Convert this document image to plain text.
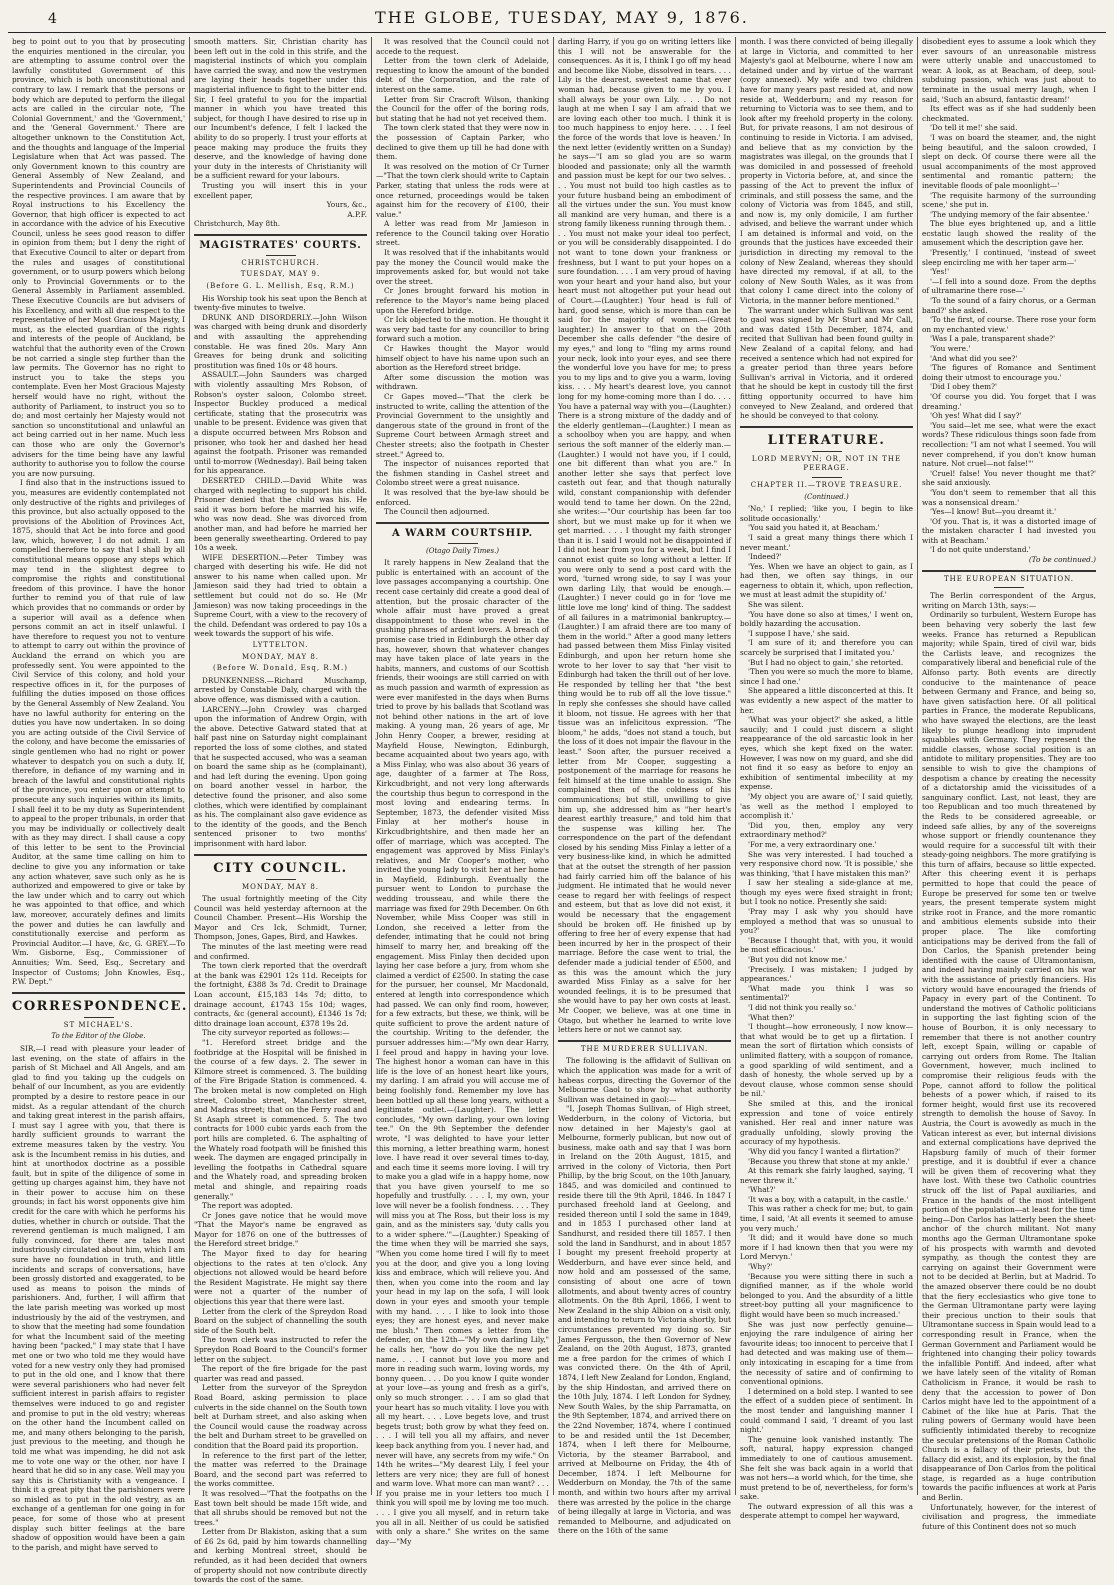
4	THE GLOBE, TUESDAY, MAY 9, 1876.

beg to point out to you that by prosecuting the enquiries mentioned in the circular, you are attempting to assume control over the lawfully constituted Government of this province, which is both unconstitutional and contrary to law. I remark that the persons or body which are deputed to perform the illegal acts are called in the circular note, 'The Colonial Government,' and the 'Government,' and the 'General Government.' There are altogether unknown to the Constitution Act, and the thoughts and language of the Imperial Legislature when that Act was passed. The only Government known to this country are General Assembly of New Zealand, and Superintendents and Provincial Councils of the respective provinces. I am aware that by Royal instructions to his Excellency the Governor, that high officer is expected to act in accordance with the advice of his Executive Council, unless he sees good reason to differ in opinion from them; but I deny the right of that Executive Council to alter or depart from the rules and usages of constitutional government, or to usurp powers which belong only to Provincial Governments or to the General Assembly in Parliament assembled. These Executive Councils are but advisers of his Excellency, and with all due respect to the representative of her Most Gracious Majesty, I must, as the elected guardian of the rights and interests of the people of Auckland, be watchful that the authority even of the Crown be not carried a single step further than the law permits. The Governor has no right to instruct you to take the steps you contemplate. Even her Most Gracious Majesty herself would have no right, without the authority of Parliament, to instruct you so to do; and most certainly her Majesty would not sanction so unconstitutional and unlawful an act being carried out in her name. Much less can those who are only the Governor's advisers for the time being have any lawful authority to authorise you to follow the course you are now pursuing.

I find also that in the instructions issued to you, measures are evidently contemplated not only destructive of the rights and privileges of this province, but also actually opposed to the provisions of the Abolition of Provinces Act, 1875, should that Act be into force and good law, which, however, I do not admit. I am compelled therefore to say that I shall by all constitutional means oppose any steps which may tend in the slightest degree to compromise the rights and constitutional freedom of this province. I have the honor further to remind you of that rule of law which provides that no commands or order by a superior will avail as a defence when persons commit an act in itself unlawful. I have therefore to request you not to venture to attempt to carry out within the province of Auckland the errand on which you are professedly sent. You were appointed to the Civil Service of this colony, and hold your respective offices in it, for the purposes of fulfilling the duties imposed on those offices by the General Assembly of New Zealand. You have no lawful authority for entering on the duties you have now undertaken. In so doing you are acting outside of the Civil Service of the colony, and have become the emissaries of single gentlemen who had no right or power whatever to despatch you on such a duty. If, therefore, in defiance of my warning and in breach of the lawful and constitutional rights of the province, you enter upon or attempt to prosecute any such inquiries within its limits, I shall feel it to be my duty as Superintendent to appeal to the proper tribunals, in order that you may be individually or collectively dealt with as they may direct. I shall cause a copy of this letter to be sent to the Provincial Auditor, at the same time calling on him to decline to give you any information or take any action whatever, save such only as he is authorized and empowered to give or take by the law under which and to carry out which he was appointed to that office, and which law, moreover, accurately defines and limits the power and duties he can lawfully and constitutionally exercise and perform as Provincial Auditor.—I have, &c, G. GREY.—To Wm. Gisborne, Esq., Commissioner of Annuities; Wm. Seed, Esq., Secretary and Inspector of Customs; John Knowles, Esq., P.W. Dept."

CORRESPONDENCE.
ST MICHAEL'S.
To the Editor of the Globe.

SIR,—I read with pleasure your leader of last evening, on the state of affairs in the parish of St Michael and All Angels, and am glad to find you taking up the cudgels on behalf of our Incumbent, as you are evidently prompted by a desire to restore peace in our midst. As a regular attendant of the church and taking great interest in the parish affairs, I must say I agree with you, that there is hardly sufficient grounds to warrant the extreme measures taken by the vestry. You ask is the Incumbent remiss in his duties, and hint at unorthodox doctrine as a possible fault, but in spite of the diligence of some in getting up charges against him, they have not in their power to accuse him on these grounds; in fact his worst opponents give him credit for the care with which he performs his duties, whether in church or outside. That the reverend gentleman is much maligned, I am fully convinced, for there are tales most industriously circulated about him, which I am sure have no foundation in truth, and little incidents and scraps of conversations, have been grossly distorted and exaggerated, to be used as means to poison the minds of parishioners. And, further, I will affirm that the late parish meeting was worked up most industriously by the aid of the vestrymen, and to show that the meeting had some foundation for what the Incumbent said of the meeting having been "packed," I may state that I have met one or two who told me they would have voted for a new vestry only they had promised to put in the old one, and I know that there were several parishioners who had never felt sufficient interest in parish affairs to register themselves were induced to go and register and promise to put in the old vestry; whereas on the other hand the Incumbent called on me, and many others belonging to the parish, just previous to the meeting, and though he told me what was impending, he did not ask me to vote one way or the other, nor have I heard that he did so in any case. Well may you say this is Christianity with a vengeance. I think it a great pity that the parishioners were so misled as to put in the old vestry, as an exchange of a gentleman for one going in for peace, for some of those who at present display such bitter feelings at the bare shadow of opposition would have been a gain to the parish, and might have served to

smooth matters. Sir, Christian charity has been left out in the cold in this strife, and the magisterial instincts of which you complain have carried the sway, and now the vestrymen are laying their heads together under this magisterial influence to fight to the bitter end. Sir, I feel grateful to you for the impartial manner in which you have treated this subject, for though I have desired to rise up in our Incumbent's defence, I felt I lacked the ability to do so properly. I trust your efforts at peace making may produce the fruits they deserve, and the knowledge of having done your duty in the interests of Christianity will be a sufficient reward for your labours.

Trusting you will insert this in your excellent paper,

Yours, &c.,

A.P.F.

Christchurch, May 8th.

MAGISTRATES' COURTS.
CHRISTCHURCH.
TUESDAY, MAY 9.
(Before G. L. Mellish, Esq, R.M.)

His Worship took his seat upon the Bench at twenty-five minutes to twelve.

DRUNK AND DISORDERLY.—John Wilson was charged with being drunk and disorderly and with assaulting the apprehending constable. He was fined 20s. Mary Ann Greaves for being drunk and soliciting prostitution was fined 10s or 48 hours.

ASSAULT.—John Saunders was charged with violently assaulting Mrs Robson, of Robson's oyster saloon, Colombo street. Inspector Buckley produced a medical certificate, stating that the prosecutrix was unable to be present. Evidence was given that a dispute occurred between Mrs Robson and prisoner, who took her and dashed her head against the footpath. Prisoner was remanded until to-morrow (Wednesday). Bail being taken for his appearance.

DESERTED CHILD.—David White was charged with neglecting to support his child. Prisoner denied that the child was his. He said it was born before he married his wife, who was now dead. She was divorced from another man, and had before he married her been generally sweethearting. Ordered to pay 10s a week.

WIFE DESERTION.—Peter Timbey was charged with deserting his wife. He did not answer to his name when called upon. Mr Jamieson said they had tried to obtain a settlement but could not do so. He (Mr Jamieson) was now taking proceedings in the Supreme Court, with a view to the recovery of the child. Defendant was ordered to pay 10s a week towards the support of his wife.

LYTTELTON.
MONDAY, MAY 8.
(Before W. Donald, Esq, R.M.)

DRUNKENNESS.—Richard Muschamp, arrested by Constable Daly, charged with the above offence, was dismissed with a caution.

LARCENY.—John Crowley was charged upon the information of Andrew Orgin, with the above. Detective Gatward stated that at half past nine on Saturday night complainant reported the loss of some clothes, and stated that he suspected accused, who was a seaman on board the same ship as he (complainant), and had left during the evening. Upon going on board another vessel in harbor, the detective found the prisoner, and also some clothes, which were identified by complainant as his. The complainant also gave evidence as to the identity of the goods, and the Bench sentenced prisoner to two months' imprisonment with hard labor.

CITY COUNCIL.
MONDAY, MAY 8.

The usual fortnightly meeting of the City Council was held yesterday afternoon at the Council Chamber. Present—His Worship the Mayor and Crs Ick, Schmidt, Turner, Thompson, Jones, Gapes, Bird, and Hawkes.

The minutes of the last meeting were read and confirmed.

The town clerk reported that the overdraft at the bank was £2901 12s 11d. Receipts for the fortnight, £388 3s 7d. Credit to Drainage Loan account, £15,183 14s 7d; ditto, to drainage account, £1743 15s 10d; wages, contracts, &c (general account), £1346 1s 7d; ditto drainage loan account, £378 19s 2d.

The city surveyor reported as follows:—

"1. Hereford street bridge and the footbridge at the Hospital will be finished in the course of a few days. 2. The sewer in Kilmore street is commenced. 3. The building of the Fire Brigade Station is commenced. 4. The broken metal is now completed on High street, Colombo street, Manchester street, and Madras street; that on the Ferry road and St Asaph street is commenced. 5. The two contracts for 1000 cubic yards each from the port hills are completed. 6. The asphalting of the Whately road footpath will be finished this week. The daymen are engaged principally in levelling the footpaths in Cathedral square and the Whately road, and spreading broken metal and shingle, and repairing roads generally."

The report was adopted.

Cr Jones gave notice that he would move "That the Mayor's name be engraved as Mayor for 1876 on one of the buttresses of the Hereford street bridge."

The Mayor fixed to day for hearing objections to the rates at ten o'clock. Any objections not allowed would be heard before the Resident Magistrate. He might say there were not a quarter of the number of objections this year that there were last.

Letter from the clerk of the Spreydon Road Board on the subject of channelling the south side of the South belt.

The town clerk was instructed to refer the Spreydon Road Board to the Council's former letter on the subject.

The report of the fire brigade for the past quarter was read and passed.

Letter from the surveyor of the Spreydon Road Board, asking permission to place culverts in the side channel on the South town belt at Durham street, and also asking when the Council would cause the roadway across the belt and Durham street to be gravelled on condition that the Board paid its proportion.

In reference to the first part of the letter, the matter was referred to the Drainage Board, and the second part was referred to the works committee.

It was resolved—"That the footpaths on the East town belt should be made 15ft wide, and that all shrubs should be removed but not the trees."

Letter from Dr Blakiston, asking that a sum of £6 2s 6d, paid by him towards channelling and kerbing Montreal street, should be refunded, as it had been decided that owners of property should not now contribute directly towards the cost of the same.

It was resolved that the Council could not accede to the request.

Letter from the town clerk of Adelaide, requesting to know the amount of the bonded debt of the Corporation, and the rate of interest on the same.

Letter from Sir Cracroft Wilson, thanking the Council for the offer of the boring rods, but stating that he had not yet received them.

The town clerk stated that they were now in the possession of Captain Parker, who declined to give them up till he had done with them.

It was resolved on the motion of Cr Turner—"That the town clerk should write to Captain Parker, stating that unless the rods were at once returned, proceedings would be taken against him for the recovery of £100, their value."

A letter was read from Mr Jamieson in reference to the Council taking over Horatio street.

It was resolved that if the inhabitants would pay the money the Council would make the improvements asked for, but would not take over the street.

Cr Jones brought forward his motion in reference to the Mayor's name being placed upon the Hereford bridge.

Cr Ick objected to the motion. He thought it was very bad taste for any councillor to bring forward such a motion.

Cr Hawkes thought the Mayor would himself object to have his name upon such an abortion as the Hereford street bridge.

After some discussion the motion was withdrawn.

Cr Gapes moved—"That the clerk be instructed to write, calling the attention of the Provincial Government to the unsightly and dangerous state of the ground in front of the Supreme Court between Armagh street and Chester streets; also the footpath in Chester street." Agreed to.

The inspector of nuisances reported that the fishmen standing in Cashel street and Colombo street were a great nuisance.

It was resolved that the bye-law should be enforced.

The Council then adjourned.

A WARM COURTSHIP.
(Otago Daily Times.)

It rarely happens in New Zealand that the public is entertained with an account of the love passages accompanying a courtship. One recent case certainly did create a good deal of attention, but the prosaic character of the whole affair must have proved a great disappointment to those who revel in the gushing phrases of ardent lovers. A breach of promise case tried in Edinburgh the other day has, however, shown that whatever changes may have taken place of late years in the habits, manners, and customs of our Scottish friends, their wooings are still carried on with as much passion and warmth of expression as were ever manifested in the days when Burns tried to prove by his ballads that Scotland was not behind other nations in the art of love making. A young man, 26 years of age, Mr John Henry Cooper, a brewer, residing at Mayfield House, Newington, Edinburgh, became acquainted about two years ago, with a Miss Finlay, who was also about 36 years of age, daughter of a farmer at The Ross, Kirkcudbright, and not very long afterwards the courtship thus begun to correspond in the most loving and endearing terms. In September, 1873, the defender visited Miss Finlay at her mother's house in Kirkcudbrightshire, and then made her an offer of marriage, which was accepted. The engagement was approved by Miss Finlay's relatives, and Mr Cooper's mother, who invited the young lady to visit her at her home in Mayfield, Edinburgh. Eventually the pursuer went to London to purchase the wedding trousseau, and while there the marriage was fixed for 29th December. On 6th November, while Miss Cooper was still in London, she received a letter from the defender, intimating that he could not bring himself to marry her, and breaking off the engagement. Miss Finlay then decided upon laying her case before a jury, from whom she claimed a verdict of £2500. In stating the case for the pursuer, her counsel, Mr Macdonald, entered at length into correspondence which had passed. We can only find room, however, for a few extracts, but these, we think, will be quite sufficient to prove the ardent nature of the courtship. Writing to the defender, the pursuer addresses him:—"My own dear Harry, I feel proud and happy in having your love. The highest honor a woman can have in this life is the love of an honest heart like yours, my darling. I am afraid you will accuse me of being foolishly fond. Remember my love has been bottled up all these long years, without a legitimate outlet.—(Laughter). The letter concludes, "My own darling, your own loving tee." On the 9th September the defender wrote, "I was delighted to have your letter this morning, a letter breathing warm, honest love. I have read it over several times to-day, and each time it seems more loving. I will try to make you a glad wife in a happy home, now that you have given yourself to me so hopefully and trustfully. . . . I, my own, your love will never be a foolish fondness. . . . They will miss you at The Ross, but their loss is my gain, and as the ministers say, 'duty calls you to a wider sphere.'"—(Laughter.) Speaking of the time when they will be married she says, "When you come home tired I will fly to meet you at the door, and give you a long loving kiss and embrace, which will relieve you. And then, when you come into the room and lay your head in my lap on the sofa, I will look down in your eyes and smooth your temple with my hand. . . . I like to look into those eyes; they are honest eyes, and never make me blush." Then comes a letter from the defender, on the 12th—"My own darling Lily," he calls her, "how do you like the new pet name. . . . I cannot but love you more and more in reading such warm, loving words, my bonny queen. . . . Do you know I quite wonder at your love—as young and fresh as a girl's, only so much stronger. . . . I am so glad that your heart has so much vitality. I love you with all my heart. . . . Love begets love, and trust begets trust; both grow by what they feed on. . . . I will tell you all my affairs, and never keep back anything from you. I never had, and never will have, any secrets from my wife." On 14th he writes—"My dearest Lily, I feel your letters are very nice; they are full of honest and warm love. What more can man want? . . . If you praise me in your letters too much I think you will spoil me by loving me too much. . . . I give you all myself, and in return take you all in all. Neither of us could be satisfied with only a share." She writes on the same day—"My

darling Harry, if you go on writing letters like this I will not be answerable for the consequences. As it is, I think I go off my head and become like Niobe, dissolved in tears. . . . Lily is the dearest, sweetest name that ever woman had, because given to me by you. I shall always be your own Lily. . . . Do not laugh at me when I say I am afraid that we are loving each other too much. I think it is too much happiness to enjoy here. . . . I feel the force of the words that love is heaven.' In the next letter (evidently written on a Sunday) he says—"I am so glad you are so warm blooded and passionate; only all the warmth and passion must be kept for our two selves. . . . You must not build too high castles as to your future husband being an embodiment of all the virtues under the sun. You must know all mankind are very human, and there is a strong family likeness running through them. . . . You must not make your ideal too perfect, or you will be considerably disappointed. I do not want to tone down your frankness or freshness, but I want to put your hopes on a sure foundation. . . . I am very proud of having won your heart and your hand also, but your heart must not altogether put your head out of Court.—(Laughter.) Your head is full of hard, good sense, which is more than can be said for the majority of women.—(Great laughter.) In answer to that on the 20th December she calls defender "the desire of my eyes," and long to "fling my arms round your neck, look into your eyes, and see there the wonderful love you have for me; to press you to my lips and to give you a warm, loving kiss. . . . My heart's dearest love, you cannot long for my home-coming more than I do. . . . You have a paternal way with you—(Laughter.) There is a strong mixture of the daddy and of the elderly gentleman—(Laughter.) I mean as a schoolboy when you are happy, and when serious the soft manner of the elderly man.—(Laughter.) I would not have you, if I could, one bit different than what you are." In another letter she says that perfect love casteth out fear, and that though naturally wild, constant companionship with defender would tend to tame her down. On the 22nd, she writes:—"Our courtship has been far too short, but we must make up for it when we get married. . . . I thought my faith stronger than it is. I said I would not be disappointed if I did not hear from you for a week, but I find I cannot exist quite so long without a letter. If you were only to send a post card with the word, 'turned wrong side, to say I was your own darling Lily, that would be enough.—(Laughter.) I never could go in for 'love me little love me long' kind of thing. The saddest of all failures in a matrimonial bankruptcy.—(Laughter.) I am afraid there are too many of them in the world." After a good many letters had passed between them Miss Finlay visited Edinburgh, and upon her return home she wrote to her lover to say that "her visit to Edinburgh had taken the thrill out of her love. He responded by telling her that "the best thing would be to rub off all the love tissue." In reply she confesses she should have called it bloom, not tissue. He agrees with her that tissue was an infelicitous expression. "The bloom," he adds, "does not stand a touch, but the loss of it does not impair the flavour in the least." Soon after, the pursuer received a letter from Mr Cooper, suggesting a postponement of the marriage for reasons he felt himself at the time unable to assign. She complained then of the coldness of his communications; but still, unwilling to give him up, she addressed him as "her heart's dearest earthly treasure," and told him that the suspense was killing her. The correspondence on the part of the defendant closed by his sending Miss Finlay a letter of a very business-like kind, in which he admitted that at the outset the strength of her passion had fairly carried him off the balance of his judgment. He intimated that he would never cease to regard her with feelings of respect and esteem, but that as love did not exist, it would be necessary that the engagement should be broken off. He finished up by offering to free her of every expense that had been incurred by her in the prospect of their marriage. Before the case went to trial, the defender made a judicial tender of £500, and as this was the amount which the jury awarded Miss Finlay as a salve for her wounded feelings, it is to be presumed that she would have to pay her own costs at least. Mr Cooper, we believe, was at one time in Otago, but whether he learned to write love letters here or not we cannot say.

THE MURDERER SULLIVAN.

The following is the affidavit of Sullivan on which the application was made for a writ of habeas corpus, directing the Governor of the Melbourne Gaol to show by what authority Sullivan was detained in gaol:—

"I, Joseph Thomas Sullivan, of High street, Wedderburn, in the colony of Victoria, but now detained in her Majesty's gaol at Melbourne, formerly publican, but now out of business, make oath and say that I was born in Ireland on the 20th August, 1815, and arrived in the colony of Victoria, then Port Phillip, by the brig Scout, on the 10th January, 1845, and was domiciled and continued to reside there till the 9th April, 1846. In 1847 I purchased freehold land at Geelong, and resided thereon until I sold the same in 1849, and in 1853 I purchased other land at Sandhurst, and resided there till 1857. I then sold the land in Sandhurst, and in about 1857 I bought my present freehold property at Wedderburn, and have ever since held, and now hold and am possessed of the same, consisting of about one acre of town allotments, and about twenty acres of country allotments. On the 8th April, 1866, I went to New Zealand in the ship Albion on a visit only, and intending to return to Victoria shortly, but circumstances prevented my doing so. Sir James Fergusson, the then Governor of New Zealand, on the 20th August, 1873, granted me a free pardon for the crimes of which I was convicted there. On the 4th of April, 1874, I left New Zealand for London, England, by the ship Hindostan, and arrived there on the 10th July, 1874. I left London for Sydney, New South Wales, by the ship Parramatta, on the 9th September, 1874, and arrived there on the 22nd November, 1874, where I continued to be and resided until the 1st December, 1874, when I left there for Melbourne, Victoria, by the steamer Barrabool, and arrived at Melbourne on Friday, the 4th of December, 1874. I left Melbourne for Wedderburn on Monday, the 7th of the same month, and within two hours after my arrival there was arrested by the police in the charge of being illegally at large in Victoria, and was remanded to Melbourne, and adjudicated on there on the 16th of the same

month. I was there convicted of being illegally at large in Victoria, and committed to her Majesty's gaol at Melbourne, where I now am detained under and by virtue of the warrant (copy annexed). My wife and two children have for many years past resided at, and now reside at, Wedderburn; and my reason for returning to Victoria was to see them, and to look after my freehold property in the colony. But, for private reasons, I am not desirous of continuing to reside in Victoria. I am advised, and believe that as my conviction by the magistrates was illegal, on the grounds that I was domiciled in and possessed of freehold property in Victoria before, at, and since the passing of the Act to prevent the influx of criminals, and still possess the same, and the colony of Victoria was from 1845, and still, and now is, my only domicile, I am further advised, and believe the warrant under which I am detained is informal and void, on the grounds that the justices have exceeded their jurisdiction in directing my removal to the colony of New Zealand, whereas they should have directed my removal, if at all, to the colony of New South Wales, as it was from that colony I came direct into the colony of Victoria, in the manner before mentioned."

The warrant under which Sullivan was sent to gaol was signed by Mr Sturt and Mr Call, and was dated 15th December, 1874, and recited that Sullivan had been found guilty in New Zealand of a capital felony, and had received a sentence which had not expired for a greater period than three years before Sullivan's arrival in Victoria, and it ordered that he should be kept in custody till the first fitting opportunity occurred to have him conveyed to New Zealand, and ordered that he should be conveyed to that colony.

LITERATURE.
LORD MERVYN; OR, NOT IN THE PEERAGE.
CHAPTER II.—TROVE TREASURE.
(Continued.)

'No,' I replied; 'like you, I begin to like solitude occasionally.'

'You said you hated it, at Beacham.'

'I said a great many things there which I never meant.'

'Indeed?'

'Yes. When we have an object to gain, as I had then, we often say things, in our eagerness to obtain it, which, upon reflection, we must at least admit the stupidity of.'

She was silent.

'You have done so also at times,' I went on, boldly hazarding the accusation.

'I suppose I have,' she said.

'I am sure of it; and therefore you can scarcely be surprised that I imitated you.'

'But I had no object to gain,' she retorted.

'Then you were so much the more to blame, since I had one.'

She appeared a little disconcerted at this. It was evidently a new aspect of the matter to her.

'What was your object?' she asked, a little saucily; and I could just discern a slight reappearance of the old sarcastic look in her eyes, which she kept fixed on the water. However, I was now on my guard, and she did not find it so easy as before to enjoy an exhibition of sentimental imbecility at my expense.

'My object you are aware of,' I said quietly, 'as well as the method I employed to accomplish it.'

'Did you, then, employ any very extraordinary method?'

'For me, a very extraordinary one.'

She was very interested. I had touched a very responsive chord now. 'It is possible,' she was thinking, 'that I have mistaken this man?'

I saw her stealing a side-glance at me, though my eyes were fixed straight in front; but I took no notice. Presently she said:

'Pray may I ask why you should have employed a method that was so unusual to you?'

'Because I thought that, with you, it would be most efficacious.'

'But you did not know me.'

'Precisely. I was mistaken; I judged by appearances.'

'What made you think I was so sentimental?'

'I did not think you really so.'

'What then?'

'I thought—how erroneously, I now know—that what would be to get up a flirtation. I mean the sort of flirtation which consists of unlimited flattery, with a soupçon of romance, a good sparkling of wild sentiment, and a dash of honesty, the whole served up by a devout clause, whose common sense should be nil.'

She smiled at this, and the ironical expression and tone of voice entirely vanished. Her real and inner nature was gradually unfolding, slowly proving the accuracy of my hypothesis.

'Why did you fancy I wanted a flirtation?'

'Because you threw that stone at my ankle.'

At this remark she fairly laughed, saying, 'I never threw it.'

'What?'

'It was a boy, with a catapult, in the castle.'

This was rather a check for me; but, to gain time, I said, 'At all events it seemed to amuse you very much.'

'It did; and it would have done so much more if I had known then that you were my Lord Mervyn.'

'Why?'

'Because you were sitting there in such a dignified manner, as if the whole world belonged to you. And the absurdity of a little street-boy putting all your magnificence to flight would have been so much increased.'

She was just now perfectly genuine—enjoying the rare indulgence of airing her favourite ideas; too innocent to perceive that I had detected and was making use of them—only intoxicating in escaping for a time from the necessity of satire and of confirming to conventional opinions.

I determined on a bold step. I wanted to see the effect of a sudden piece of sentiment. In the most tender and languishing manner I could command I said, 'I dreamt of you last night.'

The genuine look vanished instantly. The soft, natural, happy expression changed immediately to one of cautious amusement. She felt she was back again in a world that was not hers—a world which, for the time, she must pretend to be of, nevertheless, for form's sake.

The outward expression of all this was a desperate attempt to compel her wayward,

disobedient eyes to assume a look which they ever savours of an unreasonable mistress were utterly unable and unaccustomed to wear. A look, as at Beacham, of deep, soul-subduing passion, which was just about to terminate in the usual merry laugh, when I said, 'Such an absurd, fantastic dream!'

Its effect was as if she had suddenly been checkmated.

'Do tell it me!' she said.

'I was on board the steamer, and, the night being beautiful, and the saloon crowded, I slept on deck. Of course there were all the usual accompaniments of the most approved sentimental and romantic pattern; the inevitable floods of pale moonlight—'

'The requisite harmony of the surrounding scene,' she put in.

'The undying memory of the fair absentee.'

The blue eyes brightened up, and a little ecstatic laugh showed the reality of the amusement which the description gave her.

'Presently,' I continued, 'instead of sweet sleep encircling me with her taper arm—'

'Yes!'

'—I fell into a sound doze. From the depths of ultramarine there rose—'

'To the sound of a fairy chorus, or a German band?' she asked.

'To the first, of course. There rose your form on my enchanted view.'

'Was I a pale, transparent shade?'

'You were.'

'And what did you see?'

'The figures of Romance and Sentiment doing their utmost to encourage you.'

'Did I obey them?'

'Of course you did. You forget that I was dreaming.'

'Oh yes! What did I say?'

'You said—let me see, what were the exact words? These ridiculous things soon fade from recollection: "I am not what I seemed. You will never comprehend, if you don't know human nature. Not cruel—not false!"'

'Cruel! false! You never thought me that?' she said anxiously.

'You don't seem to remember that all this was a nonsensical dream.'

'Yes—I know! But—you dreamt it.'

'Of you. That is, it was a distorted image of the mistaken character I had invested you with at Beacham.'

'I do not quite understand.'

(To be continued.)

THE EUROPEAN SITUATION.

The Berlin correspondent of the Argus, writing on March 13th, says:—

Ordinarily so turbulent, Western Europe has been behaving very soberly the last few weeks. France has returned a Republican majority; while Spain, tired of civil war, bids the Carlists leave, and recognizes the comparatively liberal and beneficial rule of the Alfonso party. Both events are directly conducive to the maintenance of peace between Germany and France, and being so, have given satisfaction here. Of all political parties in France, the moderate Republicans, who have swayed the elections, are the least likely to plunge headlong into imprudent squabbles with Germany. They represent the middle classes, whose social position is an antidote to military propensities. They are too sensible to wish to give the champions of despotism a chance by creating the necessity of a dictatorship amid the vicissitudes of a sanguinary conflict. Last, not least, they are too Republican and too much threatened by the Reds to be considered agreeable, or indeed safe allies, by any of the sovereigns whose support or friendly countenance they would require for a successful tilt with their steady-going neighbors. The more gratifying is this turn of affairs, because so little expected. After this cheering event it is perhaps permitted to hope that could the peace of Europe be preserved for some ten or twelve years, the present temperate system might strike root in France, and the more romantic and ambitious elements subside into their proper place. The like comforting anticipations may be derived from the fall of Don Carlos, the Spanish pretender being identified with the cause of Ultramontanism, and indeed having mainly carried on his war with the assistance of priestly financiers. His victory would have encouraged the friends of Papacy in every part of the Continent. To understand the motives of Catholic politicians in supporting the last fighting scion of the house of Bourbon, it is only necessary to remember that there is not another country left, except Spain, willing or capable of carrying out orders from Rome. The Italian Government, however, much inclined to compromise their religious feuds with the Pope, cannot afford to follow the political behests of a power which, if raised to its former height, would first use its recovered strength to demolish the house of Savoy. In Austria, the Court is avowedly as much in the Vatican interest as ever, but internal divisions and external complications have deprived the Hapsburg family of much of their former prestige, and it is doubtful if ever a chance will be given them of recovering what they have lost. With these two Catholic countries struck off the list of Papal auxiliaries, and France in the hands of the most intelligent portion of the population—at least for the time being—Don Carlos has latterly been the sheet-anchor of the church militant. Not many months ago the German Ultramontane spoke of his prospects with warmth and devoted sympathy, as though the contest they are carrying on against their Government were not to be decided at Berlin, but at Madrid. To the amazed observer there could be no doubt that the fiery ecclesiastics who give tone to the German Ultramontane party were laying their precious unction to their souls that Ultramontane success in Spain would lead to a corresponding result in France, when the German Government and Parliament would be frightened into changing their policy towards the infallible Pontiff. And indeed, after what we have lately seen of the vitality of Roman Catholicism in France, it would be rash to deny that the accession to power of Don Carlos might have led to the appointment of a Cabinet of the like hue at Paris. That the ruling powers of Germany would have been sufficiently intimidated thereby to recognize the secular pretensions of the Roman Catholic Church is a fallacy of their priests, but the fallacy did exist, and its explosion, by the final disappearance of Don Carlos from the political stage, is regarded as a huge contribution towards the pacific influences at work at Paris and Berlin.

Unfortunately, however, for the interest of civilisation and progress, the immediate future of this Continent does not so much
